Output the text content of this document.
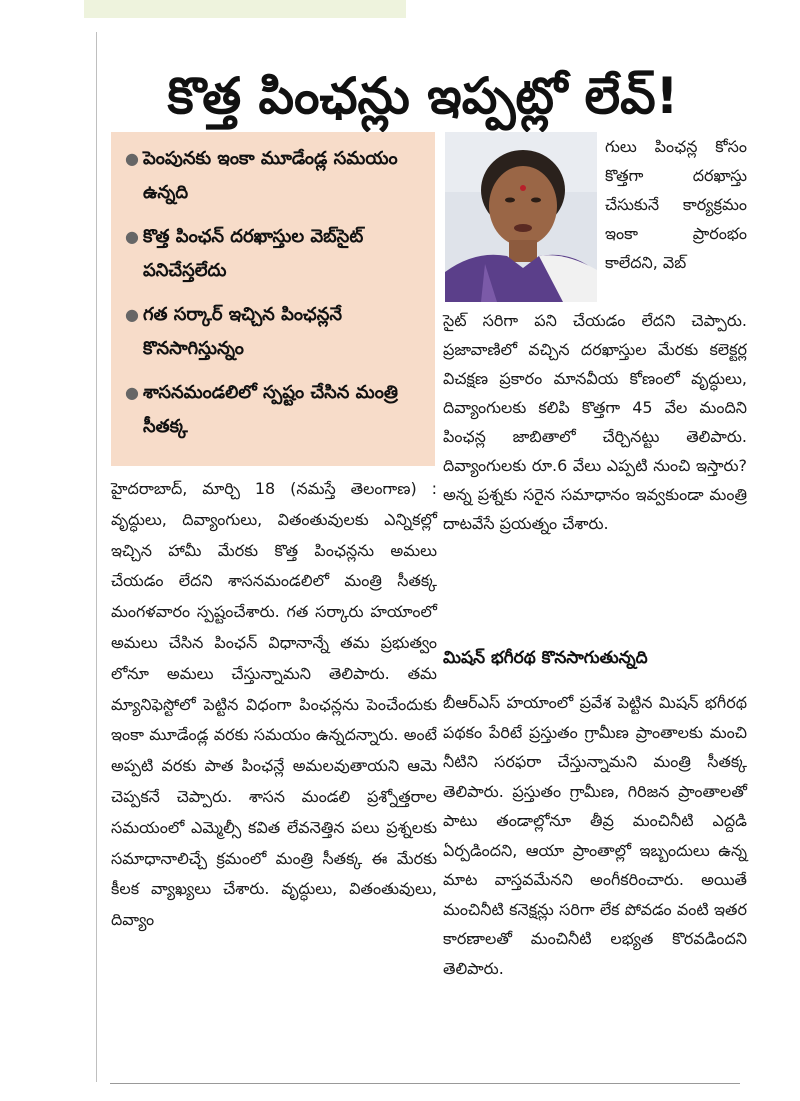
కొత్త పింఛన్లు ఇప్పట్లో లేవ్!
● పెంపునకు ఇంకా మూడేండ్ల సమయం ఉన్నది
● కొత్త పింఛన్ దరఖాస్తుల వెబ్‌సైట్ పనిచేస్తలేదు
● గత సర్కార్ ఇచ్చిన పింఛన్లనే కొనసాగిస్తున్నం
● శాసనమండలిలో స్పష్టం చేసిన మంత్రి సీతక్క

హైదరాబాద్, మార్చి 18 (నమస్తే తెలంగాణ) : వృద్ధులు, దివ్యాంగులు, వితంతువులకు ఎన్నికల్లో ఇచ్చిన హామీ మేరకు కొత్త పింఛన్లను అమలు చేయడం లేదని శాసనమండలిలో మంత్రి సీతక్క మంగళవారం స్పష్టంచేశారు. గత సర్కారు హయాంలో అమలు చేసిన పింఛన్ విధానాన్నే తమ ప్రభుత్వం లోనూ అమలు చేస్తున్నామని తెలిపారు. తమ మ్యానిఫెస్టోలో పెట్టిన విధంగా పింఛన్లను పెంచేందుకు ఇంకా మూడేండ్ల వరకు సమయం ఉన్నదన్నారు. అంటే అప్పటి వరకు పాత పింఛన్లే అమలవుతాయని ఆమె చెప్పకనే చెప్పారు. శాసన మండలి ప్రశ్నోత్తరాల సమయంలో ఎమ్మెల్సీ కవిత లేవనెత్తిన పలు ప్రశ్నలకు సమాధానాలిచ్చే క్రమంలో మంత్రి సీతక్క ఈ మేరకు కీలక వ్యాఖ్యలు చేశారు. వృద్ధులు, వితంతువులు, దివ్యాం

గులు పింఛన్ల కోసం కొత్తగా దరఖాస్తు చేసుకునే కార్యక్రమం ఇంకా ప్రారంభం కాలేదని, వెబ్

సైట్ సరిగా పని చేయడం లేదని చెప్పారు. ప్రజావాణిలో వచ్చిన దరఖాస్తుల మేరకు కలెక్టర్ల విచక్షణ ప్రకారం మానవీయ కోణంలో వృద్ధులు, దివ్యాంగులకు కలిపి కొత్తగా 45 వేల మందిని పింఛన్ల జాబితాలో చేర్చినట్టు తెలిపారు. దివ్యాంగులకు రూ.6 వేలు ఎప్పటి నుంచి ఇస్తారు? అన్న ప్రశ్నకు సరైన సమాధానం ఇవ్వకుండా మంత్రి దాటవేసే ప్రయత్నం చేశారు.

మిషన్ భగీరథ కొనసాగుతున్నది

బీఆర్‌ఎస్ హయాంలో ప్రవేశ పెట్టిన మిషన్ భగీరథ పథకం పేరిటే ప్రస్తుతం గ్రామీణ ప్రాంతాలకు మంచి నీటిని సరఫరా చేస్తున్నామని మంత్రి సీతక్క తెలిపారు. ప్రస్తుతం గ్రామీణ, గిరిజన ప్రాంతాలతో పాటు తండాల్లోనూ తీవ్ర మంచినీటి ఎద్దడి ఏర్పడిందని, ఆయా ప్రాంతాల్లో ఇబ్బందులు ఉన్న మాట వాస్తవమేనని అంగీకరించారు. అయితే మంచినీటి కనెక్షన్లు సరిగా లేక పోవడం వంటి ఇతర కారణాలతో మంచినీటి లభ్యత కొరవడిందని తెలిపారు.
